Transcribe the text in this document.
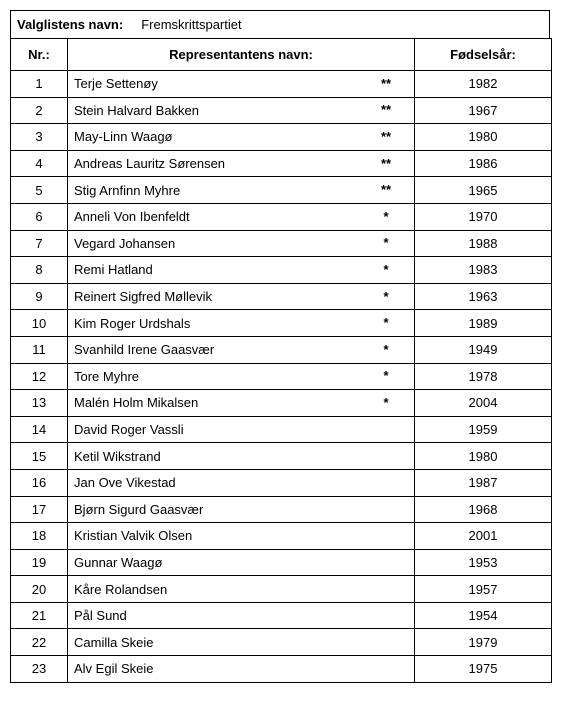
Valglistens navn: Fremskrittspartiet
Nr.:	Representantens navn:	Fødselsår:
1	Terje Settenøy **	1982
2	Stein Halvard Bakken **	1967
3	May-Linn Waagø **	1980
4	Andreas Lauritz Sørensen **	1986
5	Stig Arnfinn Myhre **	1965
6	Anneli Von Ibenfeldt *	1970
7	Vegard Johansen *	1988
8	Remi Hatland *	1983
9	Reinert Sigfred Møllevik *	1963
10	Kim Roger Urdshals *	1989
11	Svanhild Irene Gaasvær *	1949
12	Tore Myhre *	1978
13	Malén Holm Mikalsen *	2004
14	David Roger Vassli	1959
15	Ketil Wikstrand	1980
16	Jan Ove Vikestad	1987
17	Bjørn Sigurd Gaasvær	1968
18	Kristian Valvik Olsen	2001
19	Gunnar Waagø	1953
20	Kåre Rolandsen	1957
21	Pål Sund	1954
22	Camilla Skeie	1979
23	Alv Egil Skeie	1975
